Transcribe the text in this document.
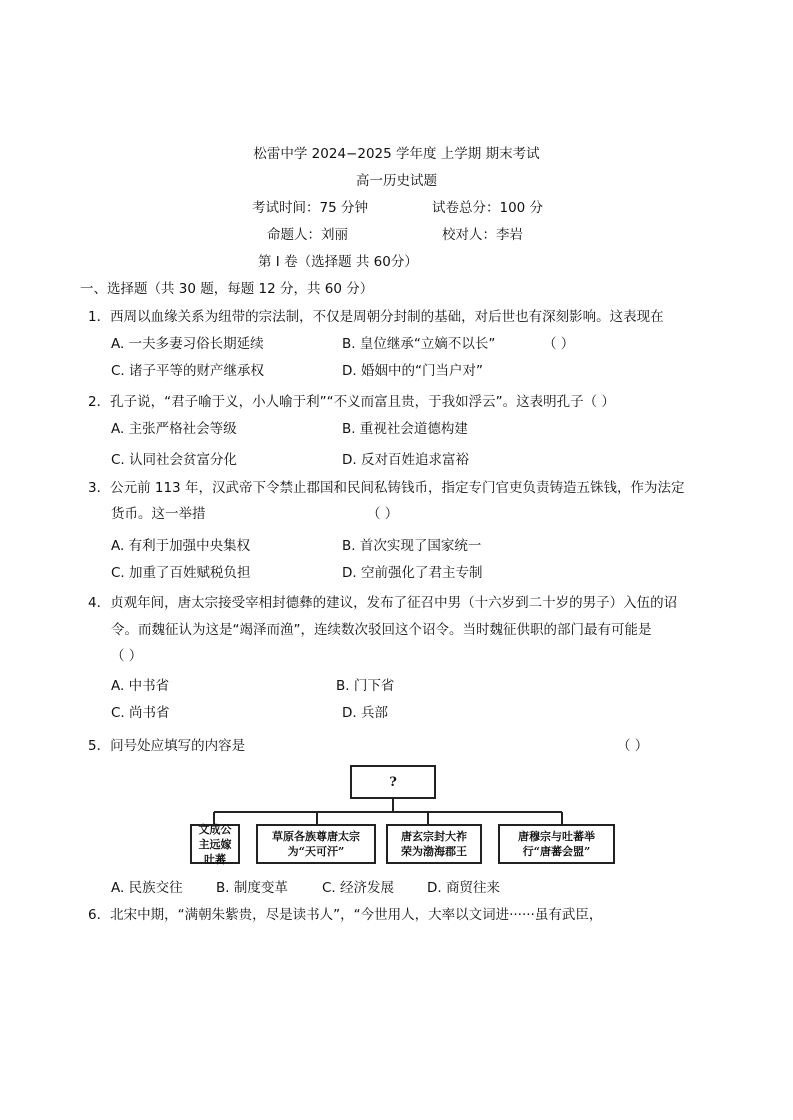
松雷中学 2024−2025 学年度 上学期 期末考试
高一历史试题
考试时间：75 分钟	试卷总分：100 分
命题人：刘丽	校对人：李岩
第 I 卷（选择题 共 60分）
一、选择题（共 30 题，每题 12 分，共 60 分）
1．西周以血缘关系为纽带的宗法制，不仅是周朝分封制的基础，对后世也有深刻影响。这表现在
A. 一夫多妻习俗长期延续	B. 皇位继承“立嫡不以长”	（ ）
C. 诸子平等的财产继承权	D. 婚姻中的“门当户对”
2．孔子说，“君子喻于义，小人喻于利”“不义而富且贵，于我如浮云”。这表明孔子（ ）
A. 主张严格社会等级	B. 重视社会道德构建
C. 认同社会贫富分化	D. 反对百姓追求富裕
3．公元前 113 年，汉武帝下令禁止郡国和民间私铸钱币，指定专门官吏负责铸造五铢钱，作为法定
货币。这一举措	（ ）
A. 有利于加强中央集权	B. 首次实现了国家统一
C. 加重了百姓赋税负担	D. 空前强化了君主专制
4．贞观年间，唐太宗接受宰相封德彝的建议，发布了征召中男（十六岁到二十岁的男子）入伍的诏
令。而魏征认为这是“竭泽而渔”，连续数次驳回这个诏令。当时魏征供职的部门最有可能是
（ ）
A. 中书省	B. 门下省
C. 尚书省	D. 兵部
5．问号处应填写的内容是	（ ）
?
文成公主远嫁吐蕃
草原各族尊唐太宗为“天可汗”
唐玄宗封大祚荣为渤海郡王
唐穆宗与吐蕃举行“唐蕃会盟”
A. 民族交往 B. 制度变革	C. 经济发展 D. 商贸往来
6．北宋中期，“满朝朱紫贵，尽是读书人”，“今世用人，大率以文词进······虽有武臣，
